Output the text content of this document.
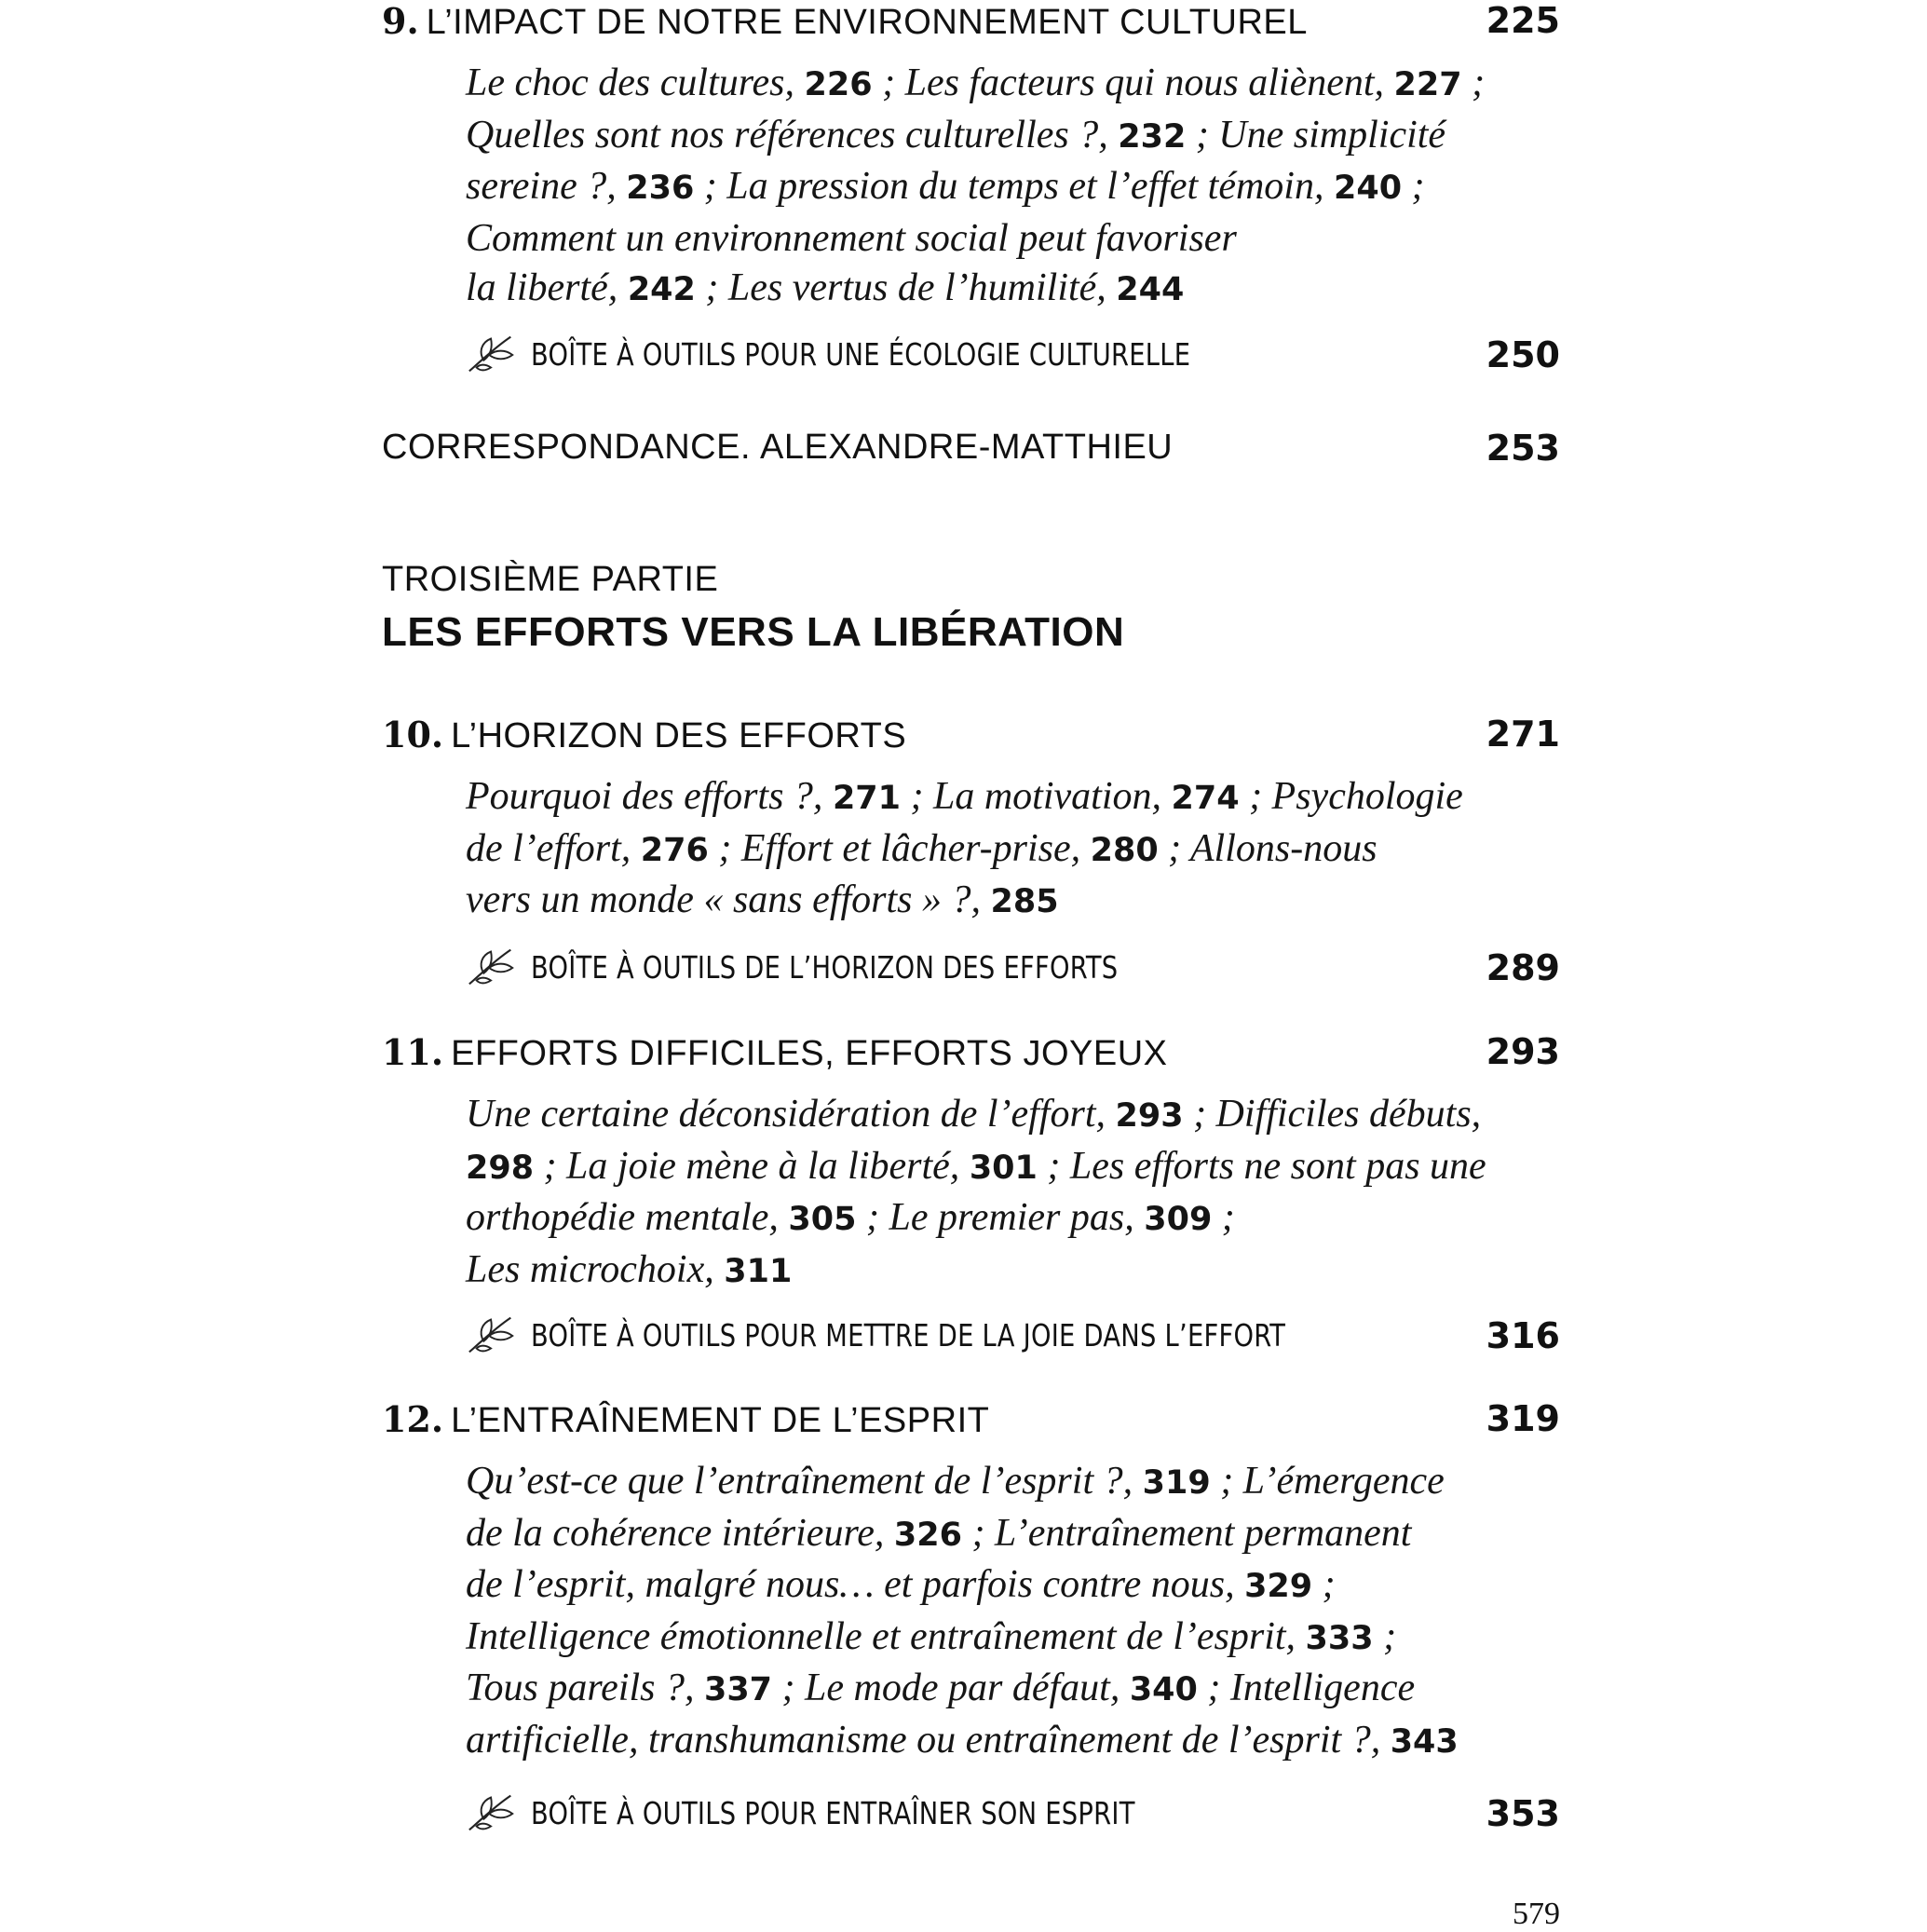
9. L’IMPACT DE NOTRE ENVIRONNEMENT CULTUREL	225
Le choc des cultures, 226 ; Les facteurs qui nous aliènent, 227 ;
Quelles sont nos références culturelles ?, 232 ; Une simplicité
sereine ?, 236 ; La pression du temps et l’effet témoin, 240 ;
Comment un environnement social peut favoriser
la liberté, 242 ; Les vertus de l’humilité, 244
BOÎTE À OUTILS POUR UNE ÉCOLOGIE CULTURELLE	250
CORRESPONDANCE. ALEXANDRE-MATTHIEU	253
TROISIÈME PARTIE
LES EFFORTS VERS LA LIBÉRATION
10. L’HORIZON DES EFFORTS	271
Pourquoi des efforts ?, 271 ; La motivation, 274 ; Psychologie
de l’effort, 276 ; Effort et lâcher-prise, 280 ; Allons-nous
vers un monde « sans efforts » ?, 285
BOÎTE À OUTILS DE L’HORIZON DES EFFORTS	289
11. EFFORTS DIFFICILES, EFFORTS JOYEUX	293
Une certaine déconsidération de l’effort, 293 ; Difficiles débuts,
298 ; La joie mène à la liberté, 301 ; Les efforts ne sont pas une
orthopédie mentale, 305 ; Le premier pas, 309 ;
Les microchoix, 311
BOÎTE À OUTILS POUR METTRE DE LA JOIE DANS L’EFFORT	316
12. L’ENTRAÎNEMENT DE L’ESPRIT	319
Qu’est-ce que l’entraînement de l’esprit ?, 319 ; L’émergence
de la cohérence intérieure, 326 ; L’entraînement permanent
de l’esprit, malgré nous… et parfois contre nous, 329 ;
Intelligence émotionnelle et entraînement de l’esprit, 333 ;
Tous pareils ?, 337 ; Le mode par défaut, 340 ; Intelligence
artificielle, transhumanisme ou entraînement de l’esprit ?, 343
BOÎTE À OUTILS POUR ENTRAÎNER SON ESPRIT	353
579
